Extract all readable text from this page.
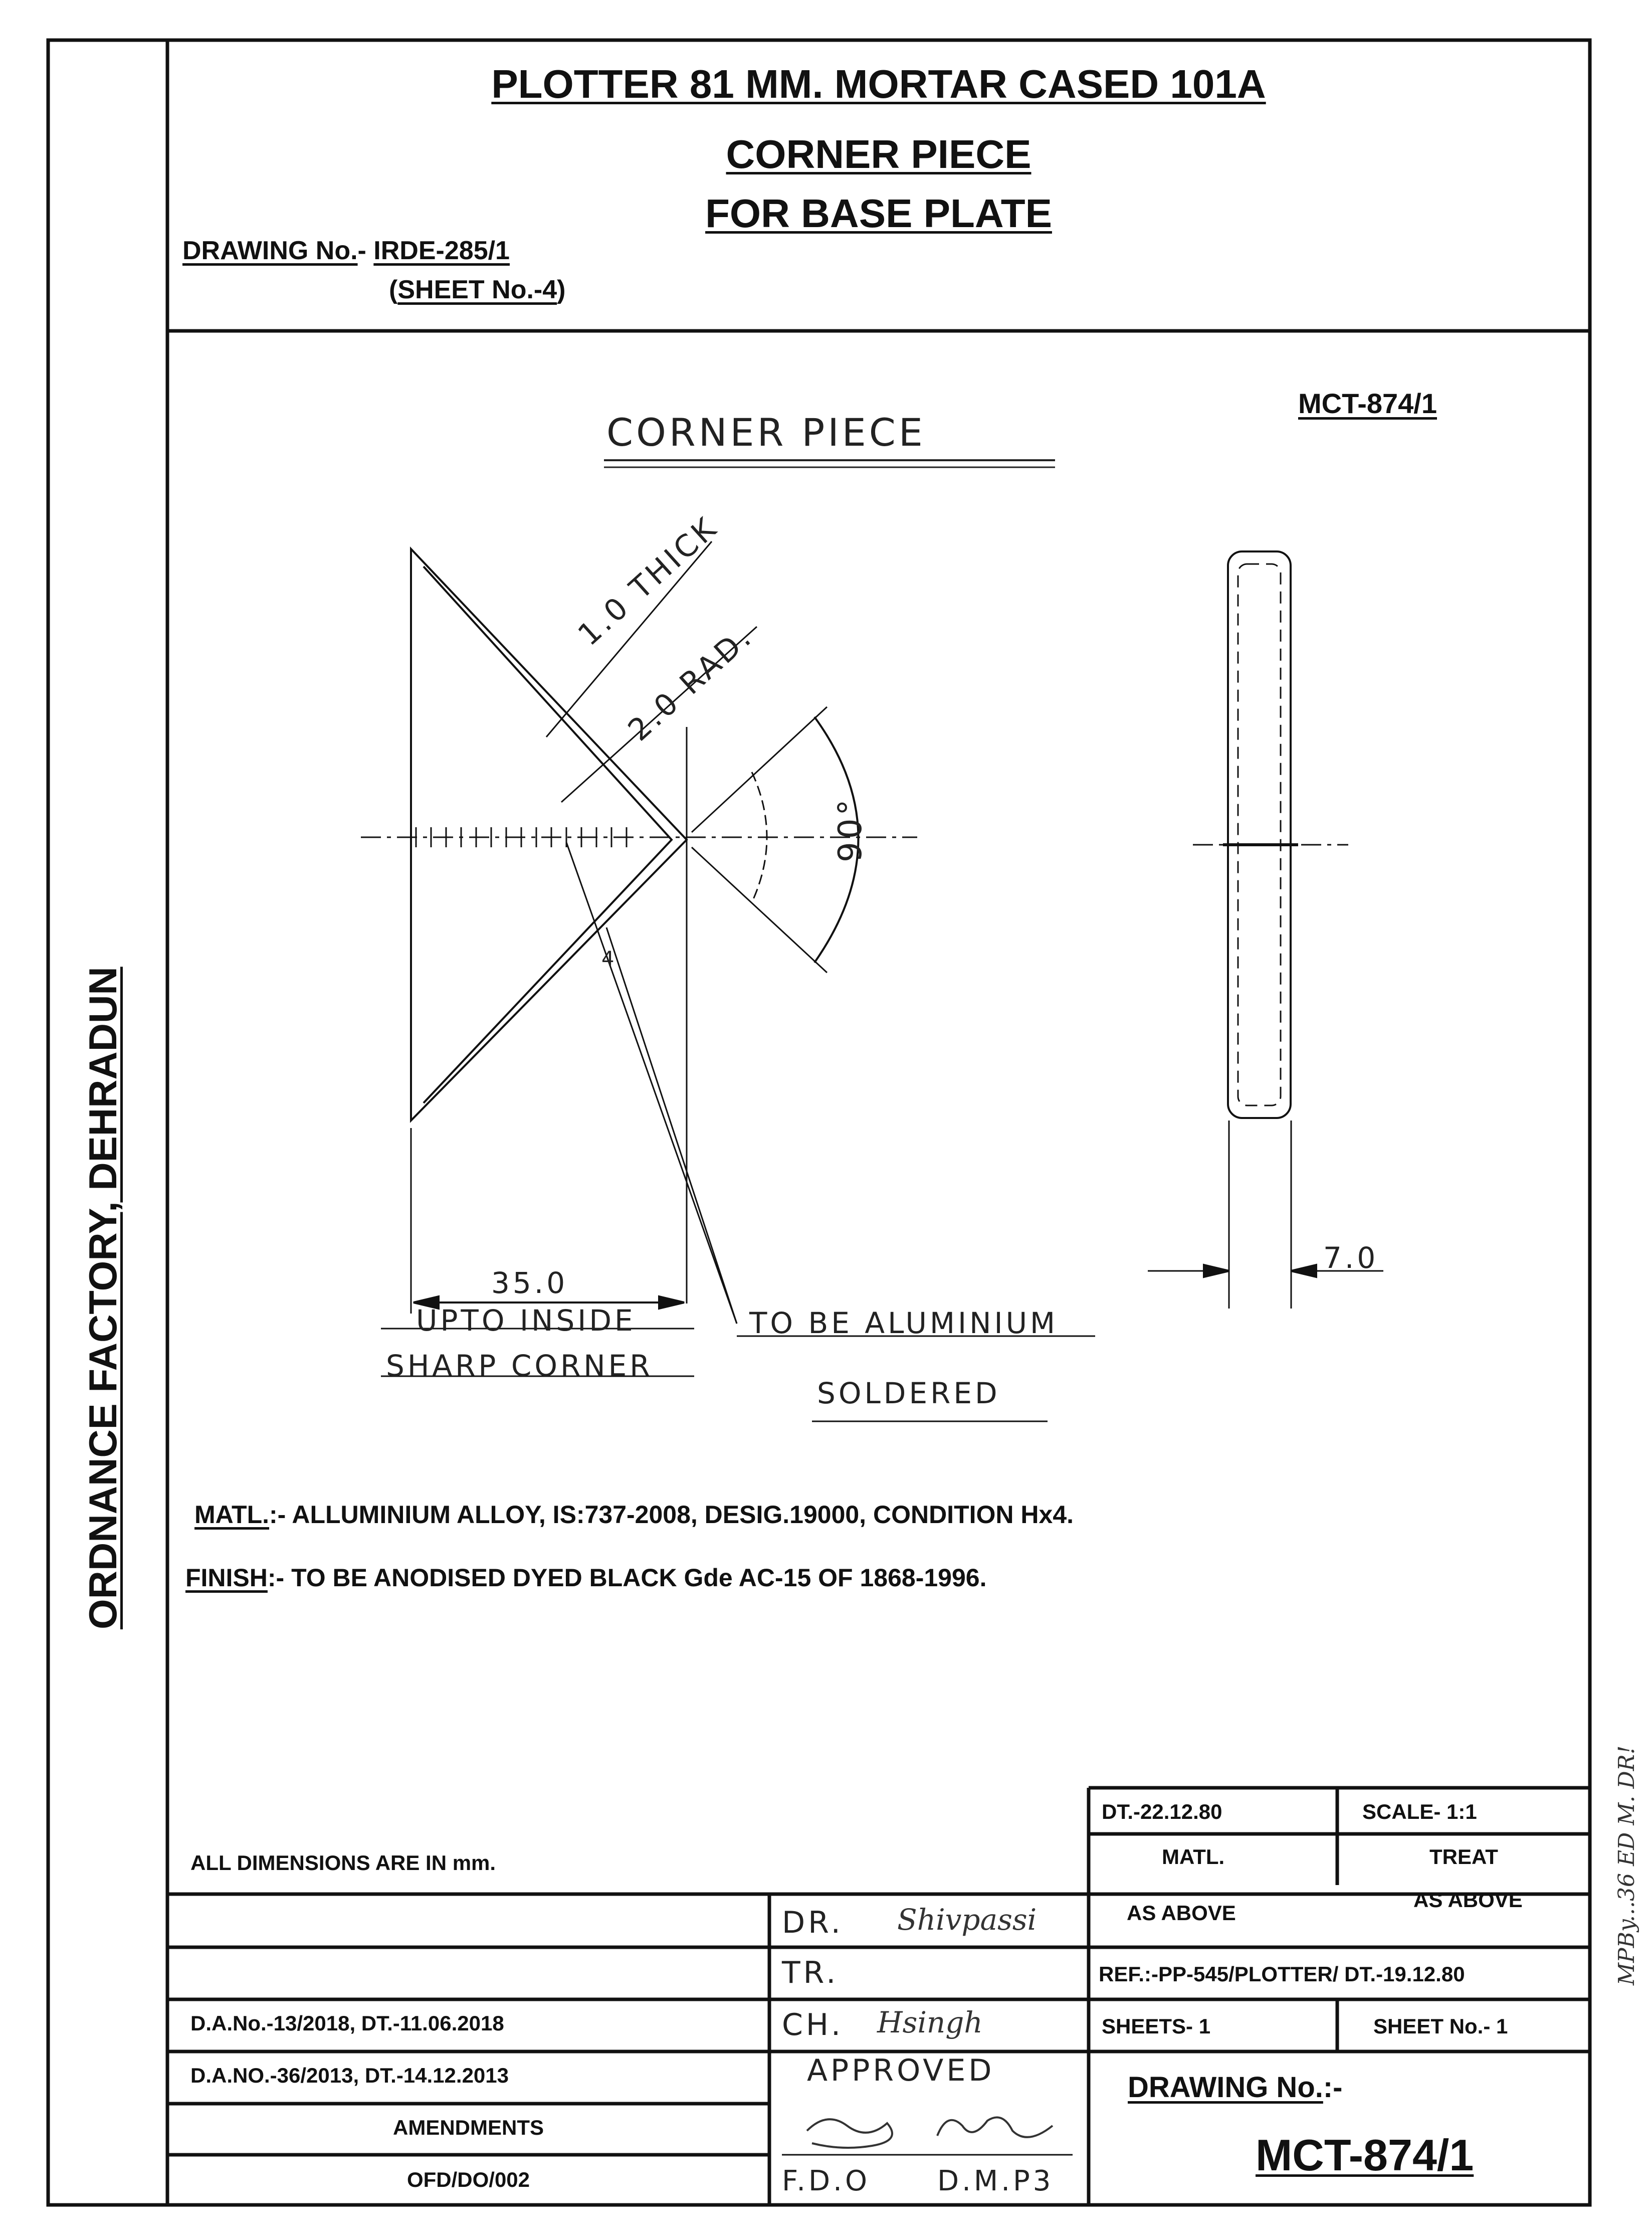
ORDNANCE FACTORY, DEHRADUN
MPBy...36 ED M. DR!
PLOTTER 81 MM. MORTAR CASED 101A
CORNER PIECE
FOR BASE PLATE
DRAWING No.- IRDE-285/1
(SHEET No.-4)
MCT-874/1
CORNER PIECE
1.0 THICK
2.0 RAD.
90°
4
35.0
UPTO INSIDE
SHARP CORNER
TO BE ALUMINIUM
SOLDERED
7.0
MATL.:- ALLUMINIUM ALLOY, IS:737-2008, DESIG.19000, CONDITION Hx4.
FINISH:- TO BE ANODISED DYED BLACK Gde AC-15 OF 1868-1996.
ALL DIMENSIONS ARE IN mm.
DT.-22.12.80	SCALE- 1:1
MATL.
AS ABOVE
TREAT
AS ABOVE
DR. Shivpassi
TR.
CH. Hsingh
APPROVED
F.D.O D.M.P3
REF.:-PP-545/PLOTTER/ DT.-19.12.80
SHEETS- 1	SHEET No.- 1
DRAWING No.:-
MCT-874/1
D.A.No.-13/2018, DT.-11.06.2018
D.A.NO.-36/2013, DT.-14.12.2013
AMENDMENTS
OFD/DO/002
